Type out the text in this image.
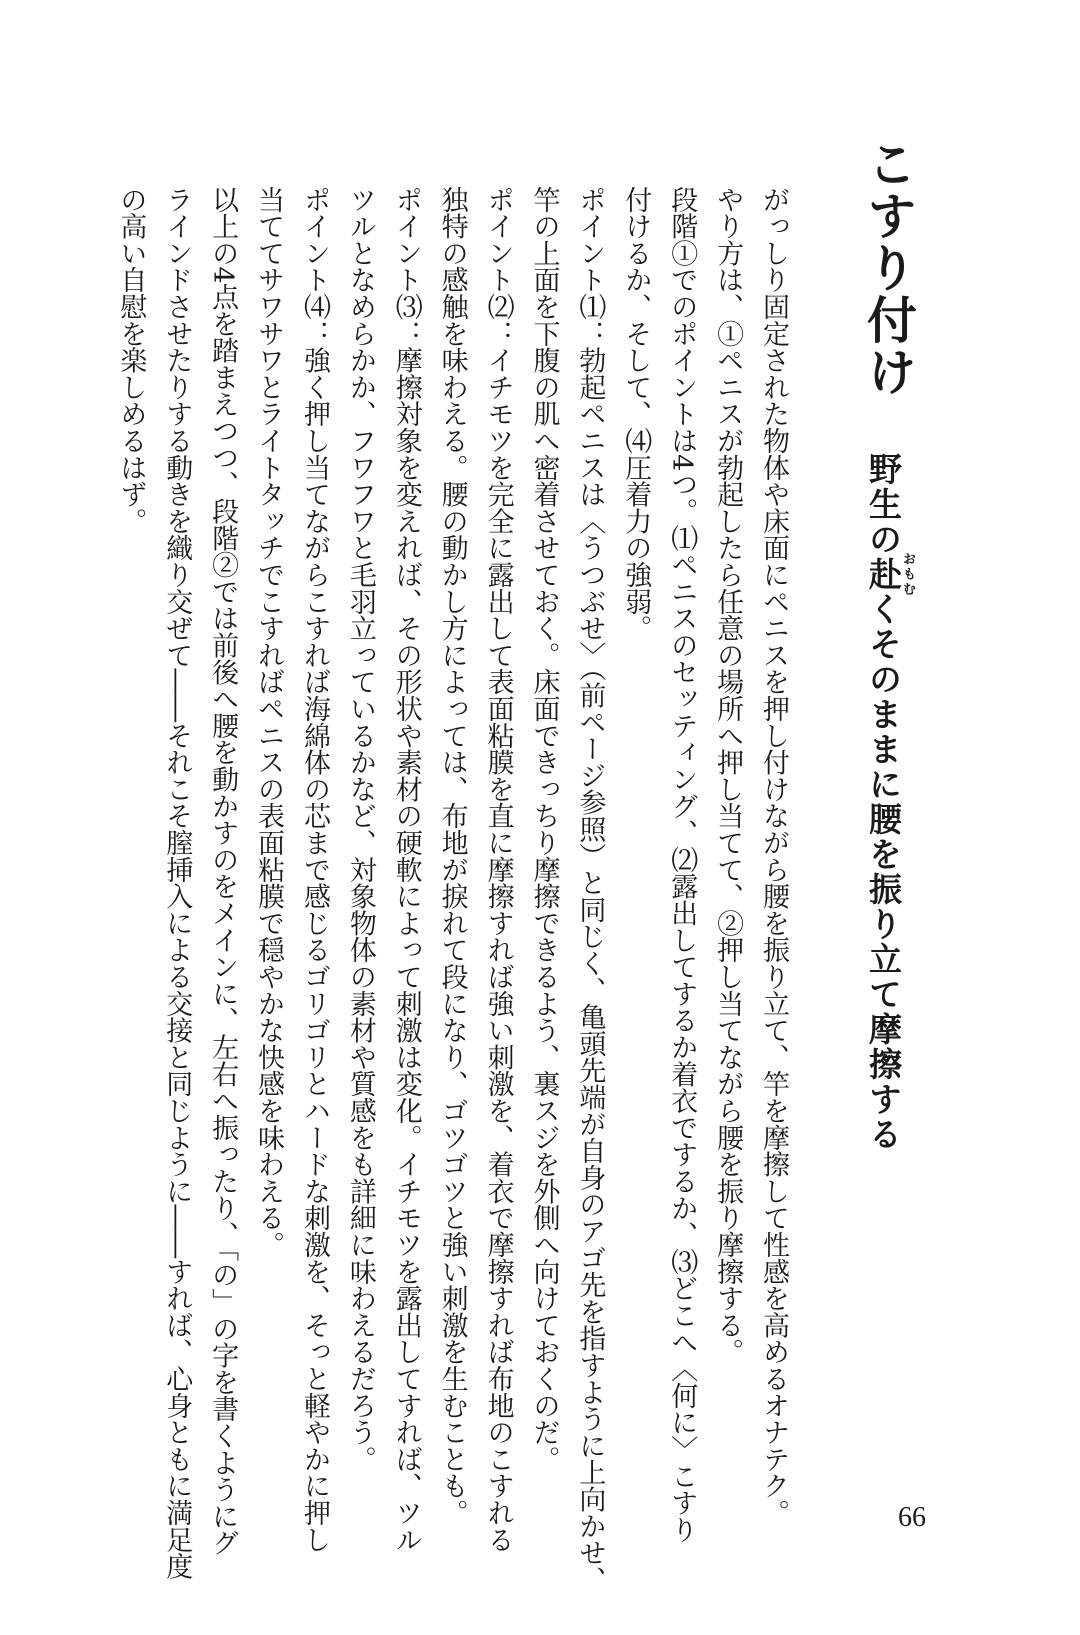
こすり付け
野生の赴おもむくそのままに腰を振り立て摩擦する
がっしり固定された物体や床面にペニスを押し付けながら腰を振り立て、竿を摩擦して性感を高めるオナテク。
やり方は、①ペニスが勃起したら任意の場所へ押し当てて、②押し当てながら腰を振り摩擦する。
段階①でのポイントは4つ。⑴ペニスのセッティング、⑵露出してするか着衣でするか、⑶どこへ〈何に〉こすり
付けるか、そして、⑷圧着力の強弱。
ポイント⑴：勃起ペニスは〈うつぶせ〉（前ページ参照）と同じく、亀頭先端が自身のアゴ先を指すように上向かせ、
竿の上面を下腹の肌へ密着させておく。床面できっちり摩擦できるよう、裏スジを外側へ向けておくのだ。
ポイント⑵：イチモツを完全に露出して表面粘膜を直に摩擦すれば強い刺激を、着衣で摩擦すれば布地のこすれる
独特の感触を味わえる。腰の動かし方によっては、布地が捩れて段になり、ゴツゴツと強い刺激を生むことも。
ポイント⑶：摩擦対象を変えれば、その形状や素材の硬軟によって刺激は変化。イチモツを露出してすれば、ツル
ツルとなめらかか、フワフワと毛羽立っているかなど、対象物体の素材や質感をも詳細に味わえるだろう。
ポイント⑷：強く押し当てながらこすれば海綿体の芯まで感じるゴリゴリとハードな刺激を、そっと軽やかに押し
当ててサワサワとライトタッチでこすればペニスの表面粘膜で穏やかな快感を味わえる。
以上の4点を踏まえつつ、段階②では前後へ腰を動かすのをメインに、左右へ振ったり、「の」の字を書くようにグ
ラインドさせたりする動きを織り交ぜて――それこそ膣挿入による交接と同じように――すれば、心身ともに満足度
の高い自慰を楽しめるはず。
66
